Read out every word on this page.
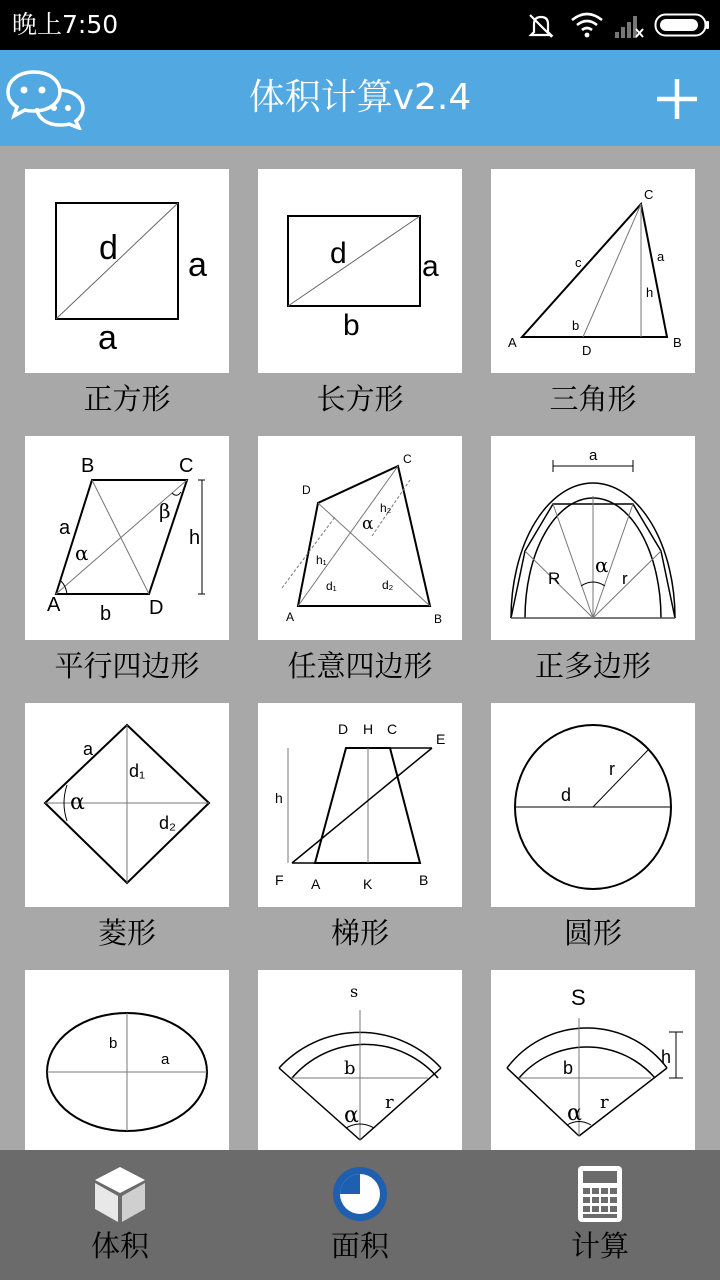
晚上7:50
体积计算v2.4
d a
a
正方形
d	a
b
长方形
C
c	a
h
b
A
D
B
三角形
B	C
a
β
h
α
A b D
平行四边形
C
D
h₂
α
h₁
d₁	d₂
A	B
任意四边形
a
R
α
r
正多边形
a
d₁
α
d₂
菱形
D H C
E
h
F A	K	B
梯形
r
d
圆形
b
a
s
b
α
r
S
h
b
α r
体积	面积	计算
